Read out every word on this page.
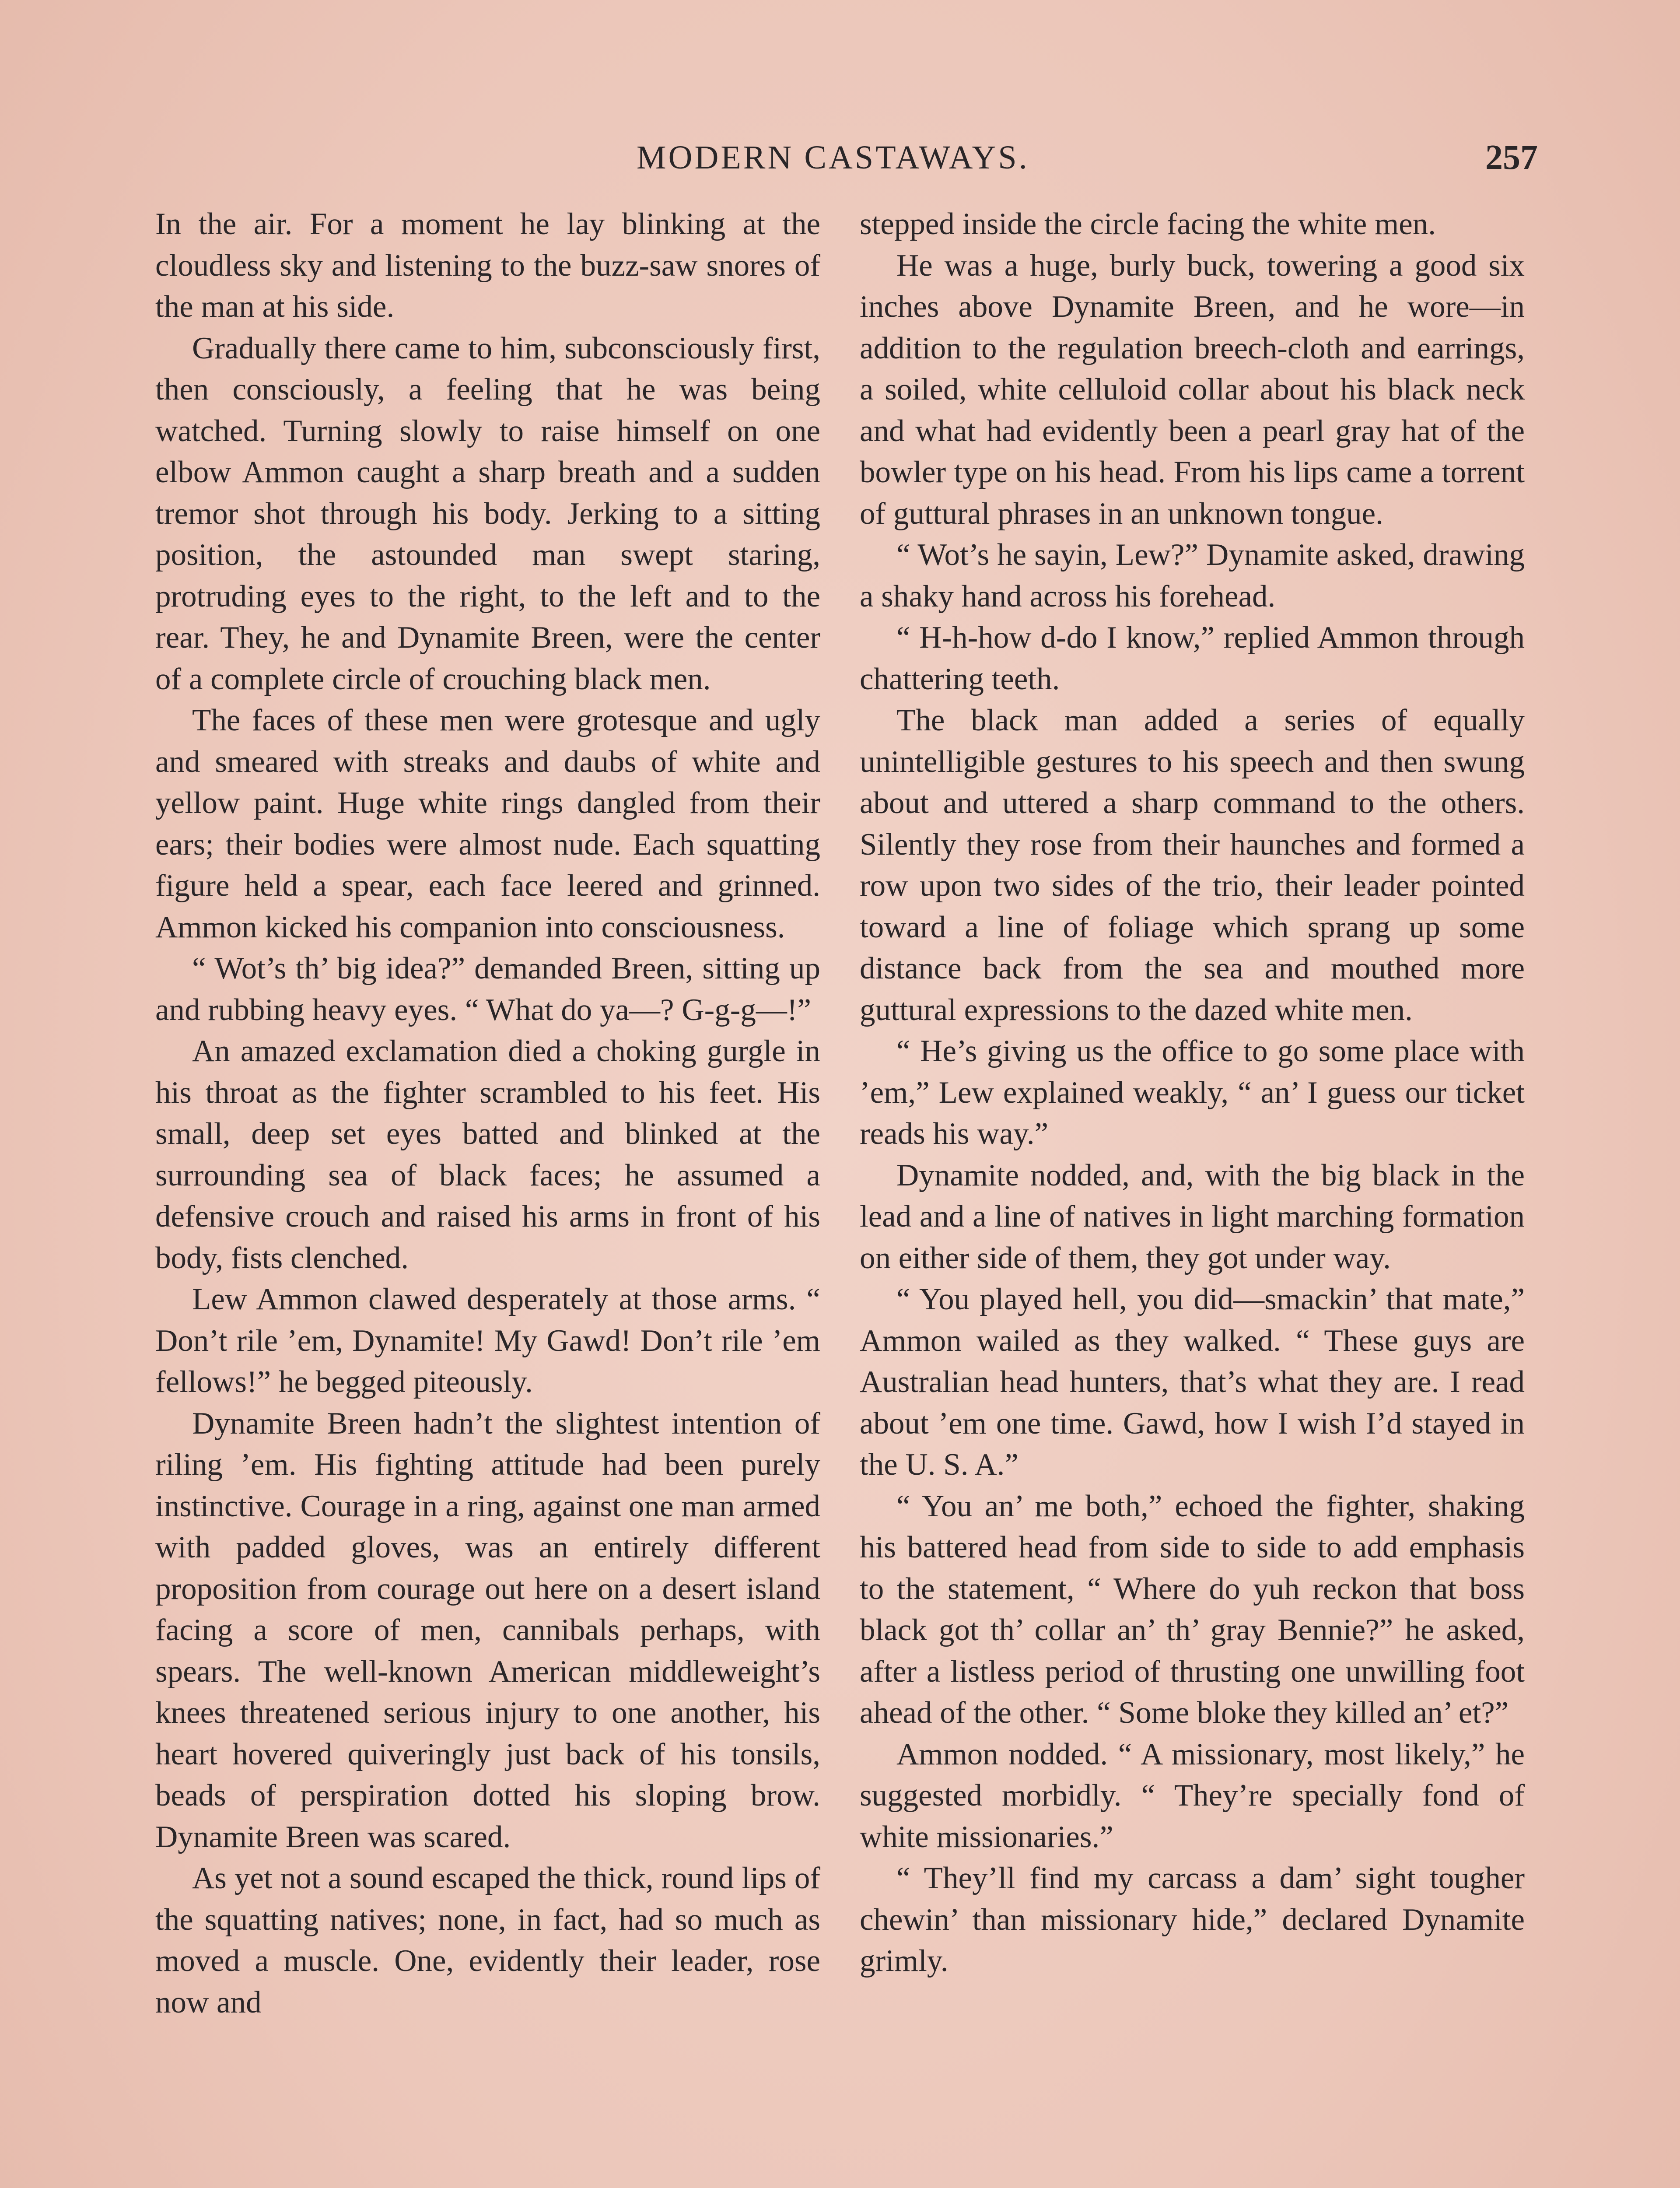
MODERN CASTAWAYS.	257

In the air. For a moment he lay blinking at the cloudless sky and listening to the buzz-saw snores of the man at his side.

Gradually there came to him, subconsciously first, then consciously, a feeling that he was being watched. Turning slowly to raise himself on one elbow Ammon caught a sharp breath and a sudden tremor shot through his body. Jerking to a sitting position, the astounded man swept staring, protruding eyes to the right, to the left and to the rear. They, he and Dynamite Breen, were the center of a complete circle of crouching black men.

The faces of these men were grotesque and ugly and smeared with streaks and daubs of white and yellow paint. Huge white rings dangled from their ears; their bodies were almost nude. Each squatting figure held a spear, each face leered and grinned. Ammon kicked his companion into consciousness.

“ Wot’s th’ big idea?” demanded Breen, sitting up and rubbing heavy eyes. “ What do ya—? G-g-g—!”

An amazed exclamation died a choking gurgle in his throat as the fighter scrambled to his feet. His small, deep set eyes batted and blinked at the surrounding sea of black faces; he assumed a defensive crouch and raised his arms in front of his body, fists clenched.

Lew Ammon clawed desperately at those arms. “ Don’t rile ’em, Dynamite! My Gawd! Don’t rile ’em fellows!” he begged piteously.

Dynamite Breen hadn’t the slightest intention of riling ’em. His fighting attitude had been purely instinctive. Courage in a ring, against one man armed with padded gloves, was an entirely different proposition from courage out here on a desert island facing a score of men, cannibals perhaps, with spears. The well-known American middleweight’s knees threatened serious injury to one another, his heart hovered quiveringly just back of his tonsils, beads of perspiration dotted his sloping brow. Dynamite Breen was scared.

As yet not a sound escaped the thick, round lips of the squatting natives; none, in fact, had so much as moved a muscle. One, evidently their leader, rose now and

stepped inside the circle facing the white men.

He was a huge, burly buck, towering a good six inches above Dynamite Breen, and he wore—in addition to the regulation breech-cloth and earrings, a soiled, white celluloid collar about his black neck and what had evidently been a pearl gray hat of the bowler type on his head. From his lips came a torrent of guttural phrases in an unknown tongue.

“ Wot’s he sayin, Lew?” Dynamite asked, drawing a shaky hand across his forehead.

“ H-h-how d-do I know,” replied Ammon through chattering teeth.

The black man added a series of equally unintelligible gestures to his speech and then swung about and uttered a sharp command to the others. Silently they rose from their haunches and formed a row upon two sides of the trio, their leader pointed toward a line of foliage which sprang up some distance back from the sea and mouthed more guttural expressions to the dazed white men.

“ He’s giving us the office to go some place with ’em,” Lew explained weakly, “ an’ I guess our ticket reads his way.”

Dynamite nodded, and, with the big black in the lead and a line of natives in light marching formation on either side of them, they got under way.

“ You played hell, you did—smackin’ that mate,” Ammon wailed as they walked. “ These guys are Australian head hunters, that’s what they are. I read about ’em one time. Gawd, how I wish I’d stayed in the U. S. A.”

“ You an’ me both,” echoed the fighter, shaking his battered head from side to side to add emphasis to the statement, “ Where do yuh reckon that boss black got th’ collar an’ th’ gray Bennie?” he asked, after a listless period of thrusting one unwilling foot ahead of the other. “ Some bloke they killed an’ et?”

Ammon nodded. “ A missionary, most likely,” he suggested morbidly. “ They’re specially fond of white missionaries.”

“ They’ll find my carcass a dam’ sight tougher chewin’ than missionary hide,” declared Dynamite grimly.
